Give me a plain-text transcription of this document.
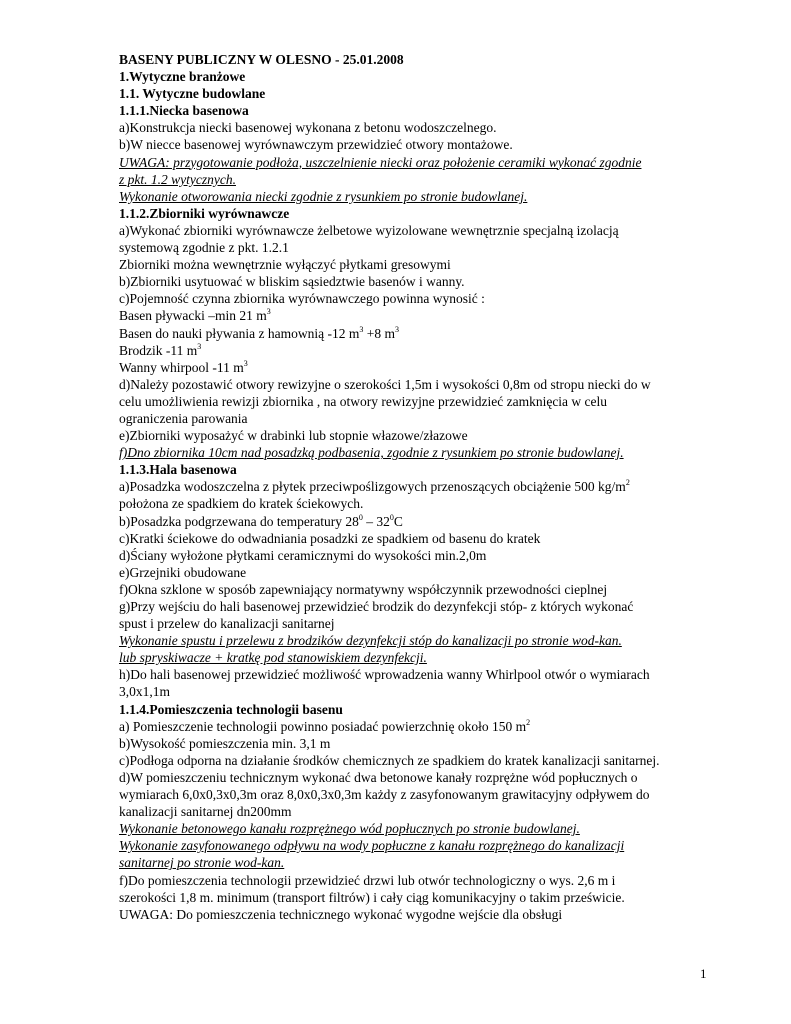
BASENY PUBLICZNY W OLESNO - 25.01.2008
1.Wytyczne branżowe
1.1. Wytyczne budowlane
1.1.1.Niecka basenowa
a)Konstrukcja niecki basenowej wykonana z betonu wodoszczelnego.
b)W niecce basenowej wyrównawczym przewidzieć otwory montażowe.
UWAGA: przygotowanie podłoża, uszczelnienie niecki oraz położenie ceramiki wykonać zgodnie
z pkt. 1.2 wytycznych.
Wykonanie otworowania niecki zgodnie z rysunkiem po stronie budowlanej.
1.1.2.Zbiorniki wyrównawcze
a)Wykonać zbiorniki wyrównawcze żelbetowe wyizolowane wewnętrznie specjalną izolacją
systemową zgodnie z pkt. 1.2.1
Zbiorniki można wewnętrznie wyłączyć płytkami gresowymi
b)Zbiorniki usytuować w bliskim sąsiedztwie basenów i wanny.
c)Pojemność czynna zbiornika wyrównawczego powinna wynosić :
Basen pływacki –min 21 $m^3$
Basen do nauki pływania z hamownią -12 $m^3 +8$ $m^3$
Brodzik -11 $m^3$
Wanny whirpool -11 $m^3$
d)Należy pozostawić otwory rewizyjne o szerokości 1,5m i wysokości 0,8m od stropu niecki do w
celu umożliwienia rewizji zbiornika , na otwory rewizyjne przewidzieć zamknięcia w celu
ograniczenia parowania
e)Zbiorniki wyposażyć w drabinki lub stopnie włazowe/złazowe
f)Dno zbiornika 10cm nad posadzką podbasenia, zgodnie z rysunkiem po stronie budowlanej.
1.1.3.Hala basenowa
a)Posadzka wodoszczelna z płytek przeciwpoślizgowych przenoszących obciążenie 500 $kg/m^2$
położona ze spadkiem do kratek ściekowych.
b)Posadzka podgrzewana do temperatury $28^0 - 32^0C$
c)Kratki ściekowe do odwadniania posadzki ze spadkiem od basenu do kratek
d)Ściany wyłożone płytkami ceramicznymi do wysokości min.2,0m
e)Grzejniki obudowane
f)Okna szklone w sposób zapewniający normatywny współczynnik przewodności cieplnej
g)Przy wejściu do hali basenowej przewidzieć brodzik do dezynfekcji stóp- z których wykonać
spust i przelew do kanalizacji sanitarnej
Wykonanie spustu i przelewu z brodzików dezynfekcji stóp do kanalizacji po stronie wod-kan.
lub spryskiwacze + kratkę pod stanowiskiem dezynfekcji.
h)Do hali basenowej przewidzieć możliwość wprowadzenia wanny Whirlpool otwór o wymiarach
3,0x1,1m
1.1.4.Pomieszczenia technologii basenu
a) Pomieszczenie technologii powinno posiadać powierzchnię około 150 $m^2$
b)Wysokość pomieszczenia min. 3,1 m
c)Podłoga odporna na działanie środków chemicznych ze spadkiem do kratek kanalizacji sanitarnej.
d)W pomieszczeniu technicznym wykonać dwa betonowe kanały rozprężne wód popłucznych o
wymiarach 6,0x0,3x0,3m oraz 8,0x0,3x0,3m każdy z zasyfonowanym grawitacyjny odpływem do
kanalizacji sanitarnej dn200mm
Wykonanie betonowego kanału rozprężnego wód popłucznych po stronie budowlanej.
Wykonanie zasyfonowanego odpływu na wody popłuczne z kanału rozprężnego do kanalizacji
sanitarnej po stronie wod-kan.
f)Do pomieszczenia technologii przewidzieć drzwi lub otwór technologiczny o wys. 2,6 m i
szerokości 1,8 m. minimum (transport filtrów) i cały ciąg komunikacyjny o takim prześwicie.
UWAGA: Do pomieszczenia technicznego wykonać wygodne wejście dla obsługi
1
